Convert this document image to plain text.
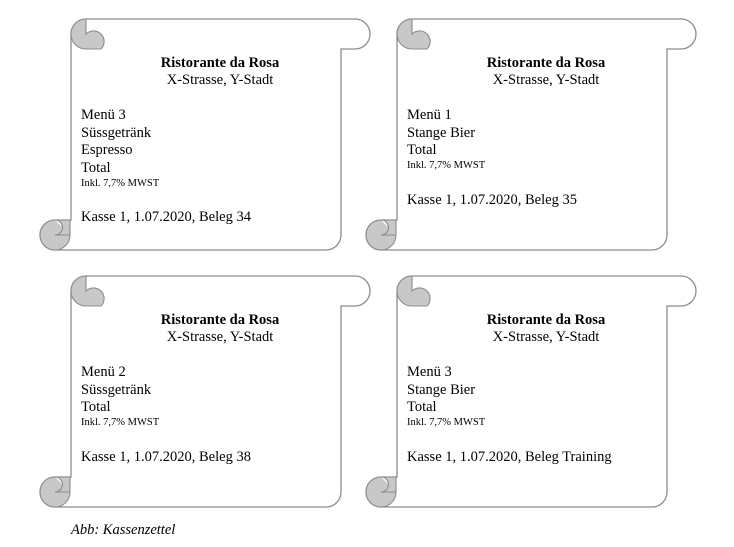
Ristorante da Rosa
X-Strasse, Y-Stadt
Menü 3
Süssgetränk
Espresso
Total
Inkl. 7,7% MWST
Kasse 1, 1.07.2020, Beleg 34
Ristorante da Rosa
X-Strasse, Y-Stadt
Menü 1
Stange Bier
Total
Inkl. 7,7% MWST
Kasse 1, 1.07.2020, Beleg 35
Ristorante da Rosa
X-Strasse, Y-Stadt
Menü 2
Süssgetränk
Total
Inkl. 7,7% MWST
Kasse 1, 1.07.2020, Beleg 38
Ristorante da Rosa
X-Strasse, Y-Stadt
Menü 3
Stange Bier
Total
Inkl. 7,7% MWST
Kasse 1, 1.07.2020, Beleg Training
Abb: Kassenzettel
